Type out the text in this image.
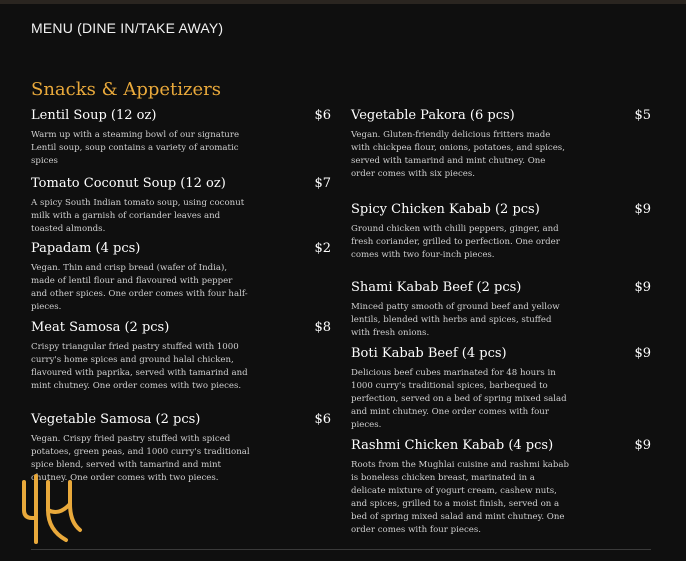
MENU (DINE IN/TAKE AWAY)
Snacks & Appetizers
Lentil Soup (12 oz)	$6
Warm up with a steaming bowl of our signature Lentil soup, soup contains a variety of aromatic spices
Tomato Coconut Soup (12 oz)	$7
A spicy South Indian tomato soup, using coconut milk with a garnish of coriander leaves and toasted almonds.
Papadam (4 pcs)	$2
Vegan. Thin and crisp bread (wafer of India), made of lentil flour and flavoured with pepper and other spices. One order comes with four half-pieces.
Meat Samosa (2 pcs)	$8
Crispy triangular fried pastry stuffed with 1000 curry's home spices and ground halal chicken, flavoured with paprika, served with tamarind and mint chutney. One order comes with two pieces.
Vegetable Samosa (2 pcs)	$6
Vegan. Crispy fried pastry stuffed with spiced potatoes, green peas, and 1000 curry's traditional spice blend, served with tamarind and mint chutney. One order comes with two pieces.
Vegetable Pakora (6 pcs)	$5
Vegan. Gluten-friendly delicious fritters made with chickpea flour, onions, potatoes, and spices, served with tamarind and mint chutney. One order comes with six pieces.
Spicy Chicken Kabab (2 pcs)	$9
Ground chicken with chilli peppers, ginger, and fresh coriander, grilled to perfection. One order comes with two four-inch pieces.
Shami Kabab Beef (2 pcs)	$9
Minced patty smooth of ground beef and yellow lentils, blended with herbs and spices, stuffed with fresh onions.
Boti Kabab Beef (4 pcs)	$9
Delicious beef cubes marinated for 48 hours in 1000 curry's traditional spices, barbequed to perfection, served on a bed of spring mixed salad and mint chutney. One order comes with four pieces.
Rashmi Chicken Kabab (4 pcs)	$9
Roots from the Mughlai cuisine and rashmi kabab is boneless chicken breast, marinated in a delicate mixture of yogurt cream, cashew nuts, and spices, grilled to a moist finish, served on a bed of spring mixed salad and mint chutney. One order comes with four pieces.
